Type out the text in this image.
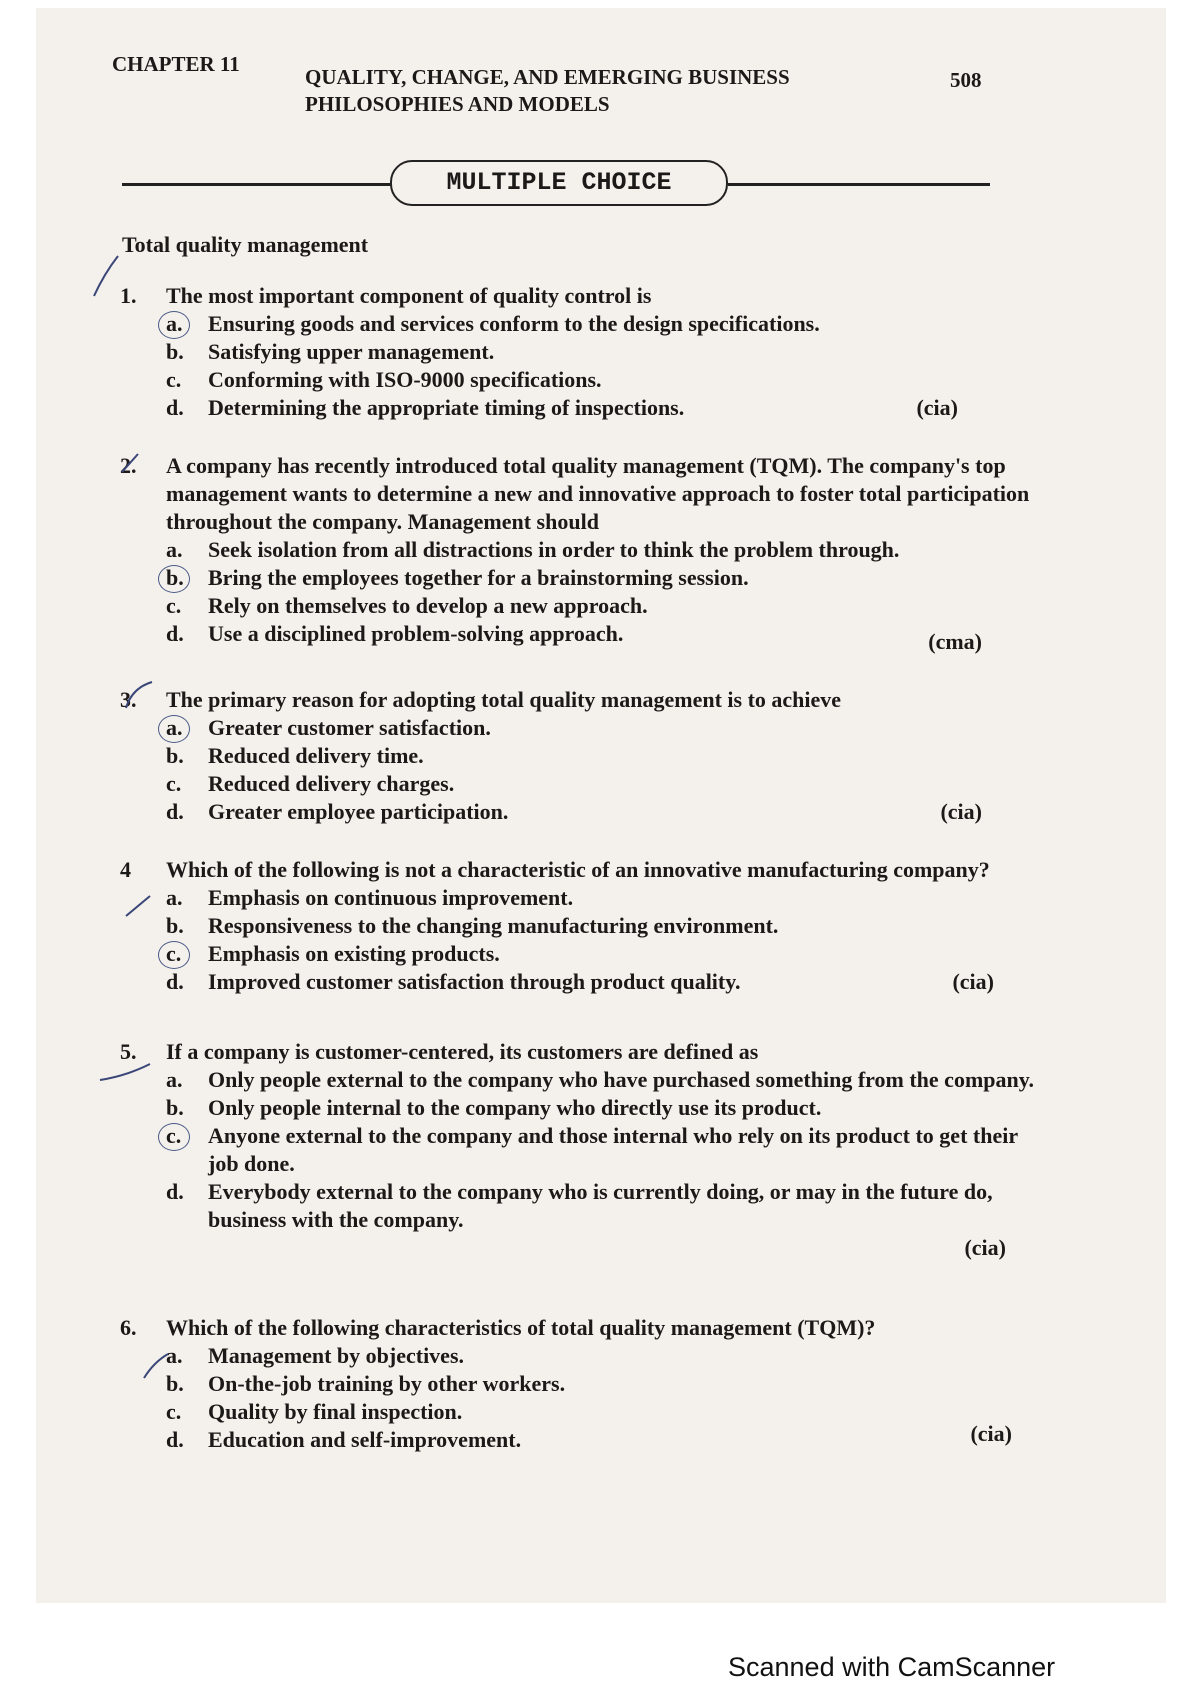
CHAPTER 11
QUALITY, CHANGE, AND EMERGING BUSINESS
PHILOSOPHIES AND MODELS
508
MULTIPLE CHOICE
Total quality management
1.	The most important component of quality control is
a.	Ensuring goods and services conform to the design specifications.
b.	Satisfying upper management.
c.	Conforming with ISO-9000 specifications.
d.	Determining the appropriate timing of inspections.	(cia)
2.	A company has recently introduced total quality management (TQM). The company's top management wants to determine a new and innovative approach to foster total participation throughout the company. Management should
a.	Seek isolation from all distractions in order to think the problem through.
b.	Bring the employees together for a brainstorming session.
c.	Rely on themselves to develop a new approach.
d.	Use a disciplined problem-solving approach.	(cma)
3.	The primary reason for adopting total quality management is to achieve
a.	Greater customer satisfaction.
b.	Reduced delivery time.
c.	Reduced delivery charges.
d.	Greater employee participation.	(cia)
4	Which of the following is not a characteristic of an innovative manufacturing company?
a.	Emphasis on continuous improvement.
b.	Responsiveness to the changing manufacturing environment.
c.	Emphasis on existing products.
d.	Improved customer satisfaction through product quality.	(cia)
5.	If a company is customer-centered, its customers are defined as
a.	Only people external to the company who have purchased something from the company.
b.	Only people internal to the company who directly use its product.
c.	Anyone external to the company and those internal who rely on its product to get their job done.
d.	Everybody external to the company who is currently doing, or may in the future do, business with the company.
(cia)
6.	Which of the following characteristics of total quality management (TQM)?
a.	Management by objectives.
b.	On-the-job training by other workers.
c.	Quality by final inspection.
d.	Education and self-improvement.	(cia)
Scanned with CamScanner
